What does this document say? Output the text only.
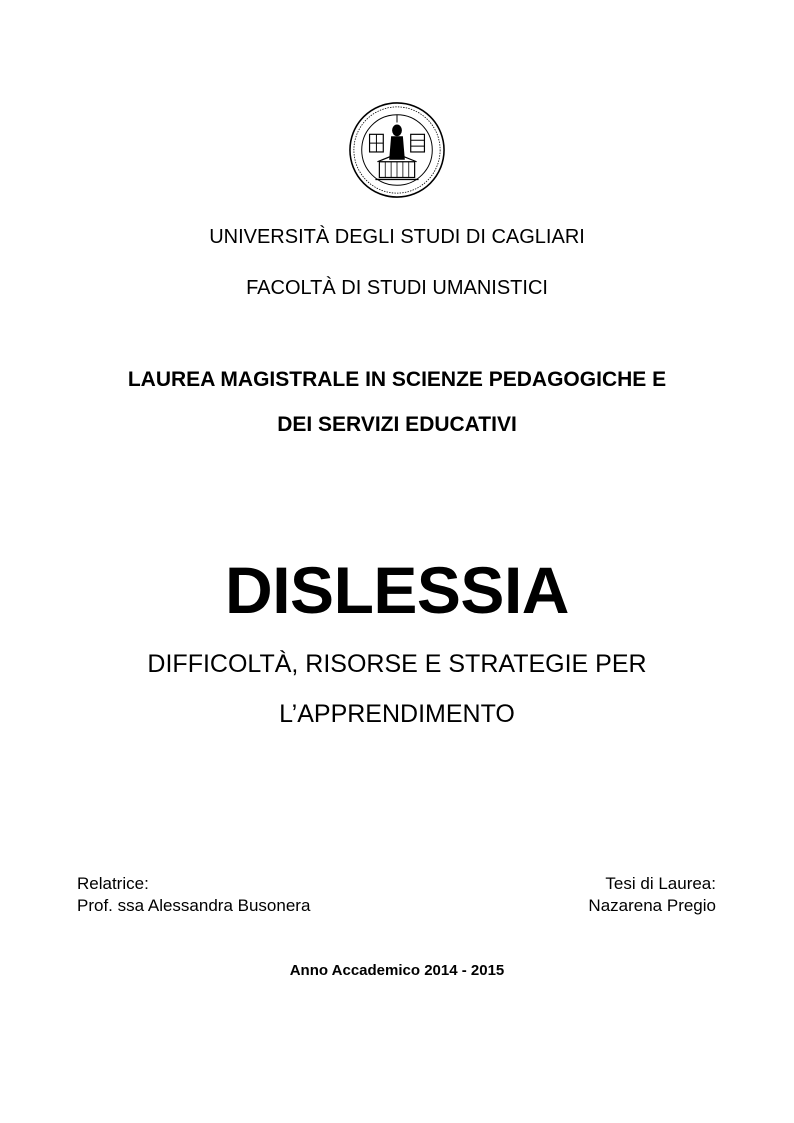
UNIVERSITÀ DEGLI STUDI DI CAGLIARI
FACOLTÀ DI STUDI UMANISTICI
LAUREA MAGISTRALE IN SCIENZE PEDAGOGICHE E
DEI SERVIZI EDUCATIVI
DISLESSIA
DIFFICOLTÀ, RISORSE E STRATEGIE PER
L’APPRENDIMENTO
Relatrice:
Prof. ssa Alessandra Busonera
Tesi di Laurea:
Nazarena Pregio
Anno Accademico 2014 - 2015
